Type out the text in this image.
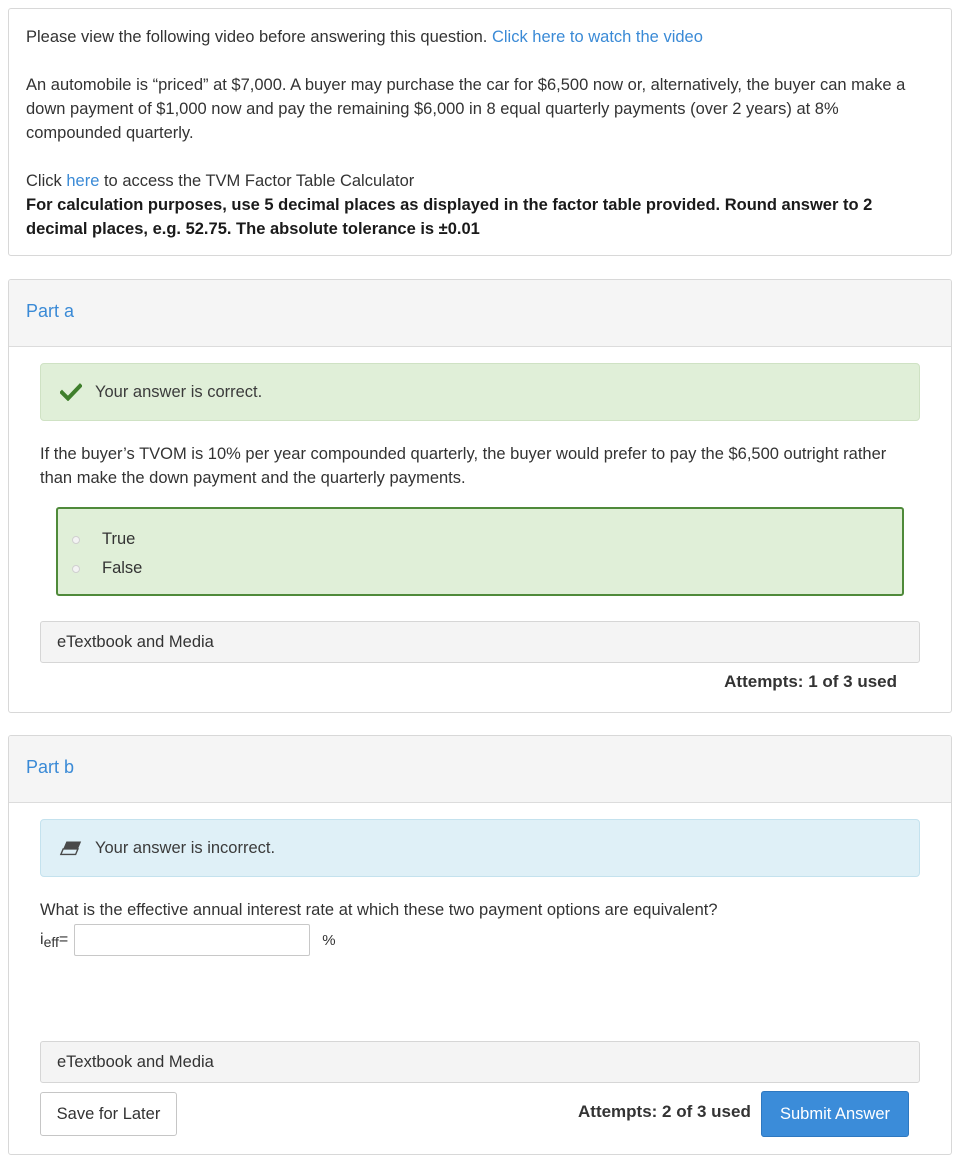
Please view the following video before answering this question. Click here to watch the video

An automobile is “priced” at $7,000. A buyer may purchase the car for $6,500 now or, alternatively, the buyer can make a down payment of $1,000 now and pay the remaining $6,000 in 8 equal quarterly payments (over 2 years) at 8% compounded quarterly.

Click here to access the TVM Factor Table Calculator

For calculation purposes, use 5 decimal places as displayed in the factor table provided. Round answer to 2 decimal places, e.g. 52.75. The absolute tolerance is ±0.01

Part a
Your answer is correct.

If the buyer’s TVOM is 10% per year compounded quarterly, the buyer would prefer to pay the $6,500 outright rather than make the down payment and the quarterly payments.

True
False
eTextbook and Media
Attempts: 1 of 3 used
Part b
Your answer is incorrect.

What is the effective annual interest rate at which these two payment options are equivalent?

$i_{eff}=$	%
eTextbook and Media
Save for Later	Attempts: 2 of 3 used	Submit Answer
